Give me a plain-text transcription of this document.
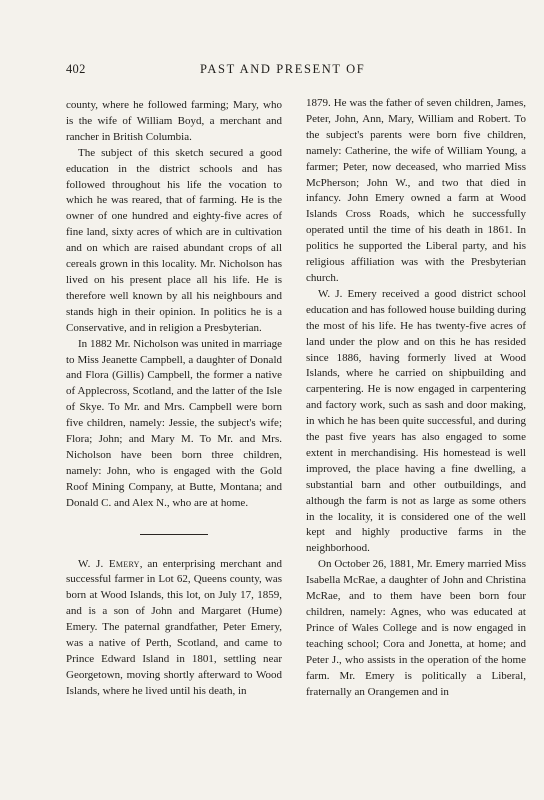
402	PAST AND PRESENT OF

county, where he followed farming; Mary, who is the wife of William Boyd, a merchant and rancher in British Columbia.

The subject of this sketch secured a good education in the district schools and has followed throughout his life the vocation to which he was reared, that of farming. He is the owner of one hundred and eighty-five acres of fine land, sixty acres of which are in cultivation and on which are raised abundant crops of all cereals grown in this locality. Mr. Nicholson has lived on his present place all his life. He is therefore well known by all his neighbours and stands high in their opinion. In politics he is a Conservative, and in religion a Presbyterian.

In 1882 Mr. Nicholson was united in marriage to Miss Jeanette Campbell, a daughter of Donald and Flora (Gillis) Campbell, the former a native of Applecross, Scotland, and the latter of the Isle of Skye. To Mr. and Mrs. Campbell were born five children, namely: Jessie, the subject's wife; Flora; John; and Mary M. To Mr. and Mrs. Nicholson have been born three children, namely: John, who is engaged with the Gold Roof Mining Company, at Butte, Montana; and Donald C. and Alex N., who are at home.

W. J. Emery, an enterprising merchant and successful farmer in Lot 62, Queens county, was born at Wood Islands, this lot, on July 17, 1859, and is a son of John and Margaret (Hume) Emery. The paternal grandfather, Peter Emery, was a native of Perth, Scotland, and came to Prince Edward Island in 1801, settling near Georgetown, moving shortly afterward to Wood Islands, where he lived until his death, in

1879. He was the father of seven children, James, Peter, John, Ann, Mary, William and Robert. To the subject's parents were born five children, namely: Catherine, the wife of William Young, a farmer; Peter, now deceased, who married Miss McPherson; John W., and two that died in infancy. John Emery owned a farm at Wood Islands Cross Roads, which he successfully operated until the time of his death in 1861. In politics he supported the Liberal party, and his religious affiliation was with the Presbyterian church.

W. J. Emery received a good district school education and has followed house building during the most of his life. He has twenty-five acres of land under the plow and on this he has resided since 1886, having formerly lived at Wood Islands, where he carried on shipbuilding and carpentering. He is now engaged in carpentering and factory work, such as sash and door making, in which he has been quite successful, and during the past five years has also engaged to some extent in merchandising. His homestead is well improved, the place having a fine dwelling, a substantial barn and other outbuildings, and although the farm is not as large as some others in the locality, it is considered one of the well kept and highly productive farms in the neighborhood.

On October 26, 1881, Mr. Emery married Miss Isabella McRae, a daughter of John and Christina McRae, and to them have been born four children, namely: Agnes, who was educated at Prince of Wales College and is now engaged in teaching school; Cora and Jonetta, at home; and Peter J., who assists in the operation of the home farm. Mr. Emery is politically a Liberal, fraternally an Orangemen and in
